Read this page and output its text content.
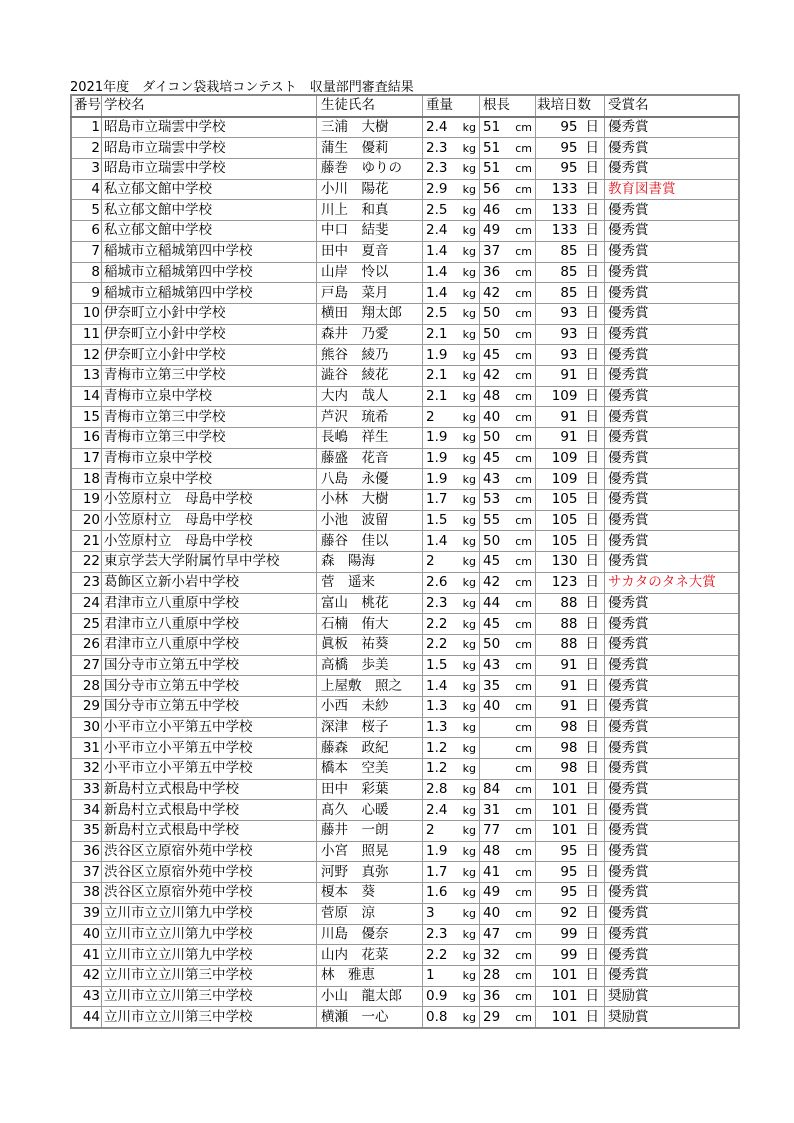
2021年度　ダイコン袋栽培コンテスト　収量部門審査結果
番号	学校名	生徒氏名	重量	根長	栽培日数	受賞名
1	昭島市立瑞雲中学校	三浦　大樹	2.4 kg	51 cm	95 日	優秀賞
2	昭島市立瑞雲中学校	蒲生　優莉	2.3 kg	51 cm	95 日	優秀賞
3	昭島市立瑞雲中学校	藤巻　ゆりの	2.3 kg	51 cm	95 日	優秀賞
4	私立郁文館中学校	小川　陽花	2.9 kg	56 cm	133 日	教育図書賞
5	私立郁文館中学校	川上　和真	2.5 kg	46 cm	133 日	優秀賞
6	私立郁文館中学校	中口　結斐	2.4 kg	49 cm	133 日	優秀賞
7	稲城市立稲城第四中学校	田中　夏音	1.4 kg	37 cm	85 日	優秀賞
8	稲城市立稲城第四中学校	山岸　怜以	1.4 kg	36 cm	85 日	優秀賞
9	稲城市立稲城第四中学校	戸島　菜月	1.4 kg	42 cm	85 日	優秀賞
10	伊奈町立小針中学校	横田　翔太郎	2.5 kg	50 cm	93 日	優秀賞
11	伊奈町立小針中学校	森井　乃愛	2.1 kg	50 cm	93 日	優秀賞
12	伊奈町立小針中学校	熊谷　綾乃	1.9 kg	45 cm	93 日	優秀賞
13	青梅市立第三中学校	澁谷　綾花	2.1 kg	42 cm	91 日	優秀賞
14	青梅市立泉中学校	大内　哉人	2.1 kg	48 cm	109 日	優秀賞
15	青梅市立第三中学校	芦沢　琉希	2 kg	40 cm	91 日	優秀賞
16	青梅市立第三中学校	長嶋　祥生	1.9 kg	50 cm	91 日	優秀賞
17	青梅市立泉中学校	藤盛　花音	1.9 kg	45 cm	109 日	優秀賞
18	青梅市立泉中学校	八島　永優	1.9 kg	43 cm	109 日	優秀賞
19	小笠原村立　母島中学校	小林　大樹	1.7 kg	53 cm	105 日	優秀賞
20	小笠原村立　母島中学校	小池　波留	1.5 kg	55 cm	105 日	優秀賞
21	小笠原村立　母島中学校	藤谷　佳以	1.4 kg	50 cm	105 日	優秀賞
22	東京学芸大学附属竹早中学校	森　陽海	2 kg	45 cm	130 日	優秀賞
23	葛飾区立新小岩中学校	菅　遥来	2.6 kg	42 cm	123 日	サカタのタネ大賞
24	君津市立八重原中学校	富山　桃花	2.3 kg	44 cm	88 日	優秀賞
25	君津市立八重原中学校	石楠　侑大	2.2 kg	45 cm	88 日	優秀賞
26	君津市立八重原中学校	眞板　祐葵	2.2 kg	50 cm	88 日	優秀賞
27	国分寺市立第五中学校	高橋　歩美	1.5 kg	43 cm	91 日	優秀賞
28	国分寺市立第五中学校	上屋敷　照之	1.4 kg	35 cm	91 日	優秀賞
29	国分寺市立第五中学校	小西　未紗	1.3 kg	40 cm	91 日	優秀賞
30	小平市立小平第五中学校	深津　桜子	1.3 kg	cm	98 日	優秀賞
31	小平市立小平第五中学校	藤森　政紀	1.2 kg	cm	98 日	優秀賞
32	小平市立小平第五中学校	橋本　空美	1.2 kg	cm	98 日	優秀賞
33	新島村立式根島中学校	田中　彩葉	2.8 kg	84 cm	101 日	優秀賞
34	新島村立式根島中学校	髙久　心暖	2.4 kg	31 cm	101 日	優秀賞
35	新島村立式根島中学校	藤井　一朗	2 kg	77 cm	101 日	優秀賞
36	渋谷区立原宿外苑中学校	小宮　照晃	1.9 kg	48 cm	95 日	優秀賞
37	渋谷区立原宿外苑中学校	河野　真弥	1.7 kg	41 cm	95 日	優秀賞
38	渋谷区立原宿外苑中学校	榎本　葵	1.6 kg	49 cm	95 日	優秀賞
39	立川市立立川第九中学校	菅原　涼	3 kg	40 cm	92 日	優秀賞
40	立川市立立川第九中学校	川島　優奈	2.3 kg	47 cm	99 日	優秀賞
41	立川市立立川第九中学校	山内　花菜	2.2 kg	32 cm	99 日	優秀賞
42	立川市立立川第三中学校	林　雅恵	1 kg	28 cm	101 日	優秀賞
43	立川市立立川第三中学校	小山　龍太郎	0.9 kg	36 cm	101 日	奨励賞
44	立川市立立川第三中学校	横瀬　一心	0.8 kg	29 cm	101 日	奨励賞
